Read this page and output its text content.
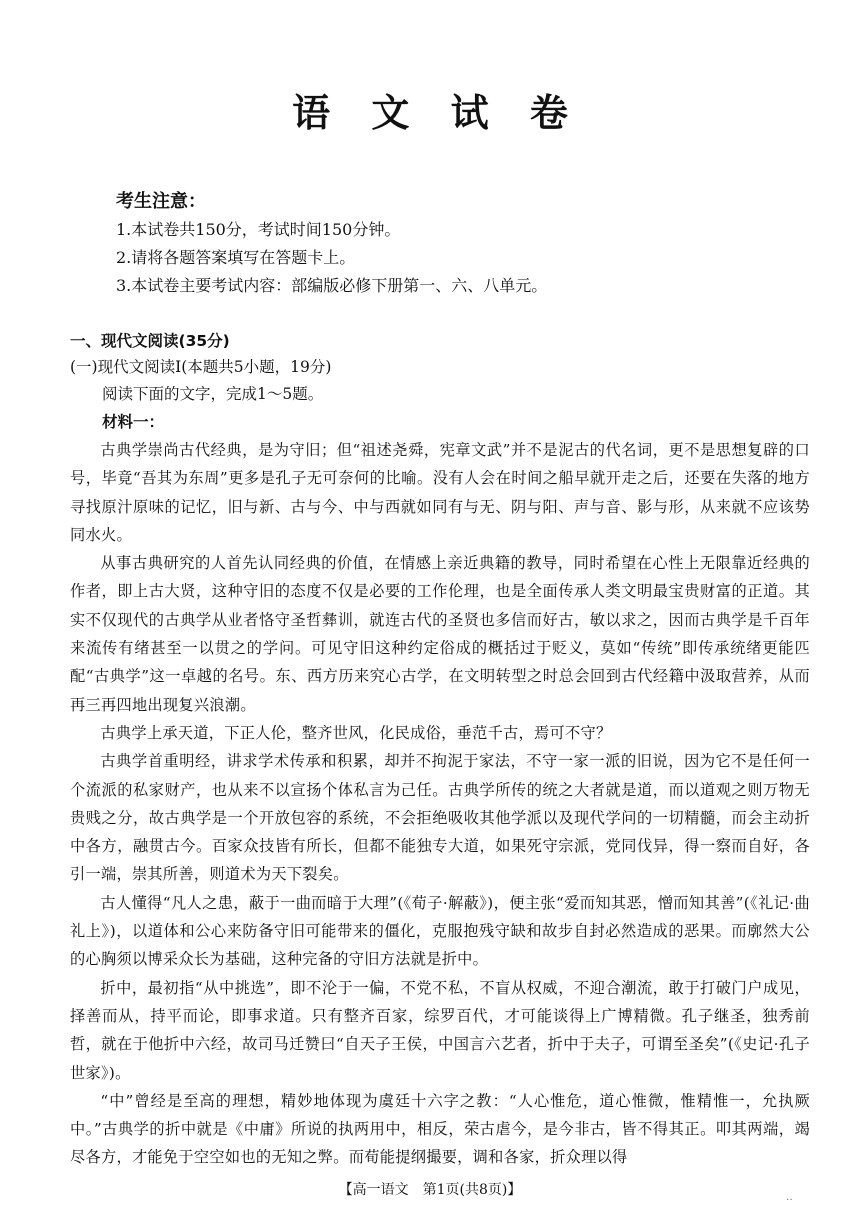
语 文 试 卷
考生注意：
1.本试卷共150分，考试时间150分钟。
2.请将各题答案填写在答题卡上。
3.本试卷主要考试内容：部编版必修下册第一、六、八单元。
一、现代文阅读(35分)
(一)现代文阅读Ⅰ(本题共5小题，19分)
阅读下面的文字，完成1～5题。
材料一：

古典学崇尚古代经典，是为守旧；但“祖述尧舜，宪章文武”并不是泥古的代名词，更不是思想复辟的口号，毕竟“吾其为东周”更多是孔子无可奈何的比喻。没有人会在时间之船早就开走之后，还要在失落的地方寻找原汁原味的记忆，旧与新、古与今、中与西就如同有与无、阴与阳、声与音、影与形，从来就不应该势同水火。

从事古典研究的人首先认同经典的价值，在情感上亲近典籍的教导，同时希望在心性上无限靠近经典的作者，即上古大贤，这种守旧的态度不仅是必要的工作伦理，也是全面传承人类文明最宝贵财富的正道。其实不仅现代的古典学从业者恪守圣哲彝训，就连古代的圣贤也多信而好古，敏以求之，因而古典学是千百年来流传有绪甚至一以贯之的学问。可见守旧这种约定俗成的概括过于贬义，莫如“传统”即传承统绪更能匹配“古典学”这一卓越的名号。东、西方历来究心古学，在文明转型之时总会回到古代经籍中汲取营养，从而再三再四地出现复兴浪潮。

古典学上承天道，下正人伦，整齐世风，化民成俗，垂范千古，焉可不守？

古典学首重明经，讲求学术传承和积累，却并不拘泥于家法，不守一家一派的旧说，因为它不是任何一个流派的私家财产，也从来不以宣扬个体私言为己任。古典学所传的统之大者就是道，而以道观之则万物无贵贱之分，故古典学是一个开放包容的系统，不会拒绝吸收其他学派以及现代学问的一切精髓，而会主动折中各方，融贯古今。百家众技皆有所长，但都不能独专大道，如果死守宗派，党同伐异，得一察而自好，各引一端，崇其所善，则道术为天下裂矣。

古人懂得“凡人之患，蔽于一曲而暗于大理”(《荀子·解蔽》)，便主张“爱而知其恶，憎而知其善”(《礼记·曲礼上》)，以道体和公心来防备守旧可能带来的僵化，克服抱残守缺和故步自封必然造成的恶果。而廓然大公的心胸须以博采众长为基础，这种完备的守旧方法就是折中。

折中，最初指“从中挑选”，即不沦于一偏，不党不私，不盲从权威，不迎合潮流，敢于打破门户成见，择善而从，持平而论，即事求道。只有整齐百家，综罗百代，才可能谈得上广博精微。孔子继圣，独秀前哲，就在于他折中六经，故司马迁赞曰“自天子王侯，中国言六艺者，折中于夫子，可谓至圣矣”(《史记·孔子世家》)。

“中”曾经是至高的理想，精妙地体现为虞廷十六字之教：“人心惟危，道心惟微，惟精惟一，允执厥中。”古典学的折中就是《中庸》所说的执两用中，相反，荣古虐今，是今非古，皆不得其正。叩其两端，竭尽各方，才能免于空空如也的无知之弊。而荀能提纲撮要，调和各家，折众理以得

【高一语文　第1页(共8页)】	‥
